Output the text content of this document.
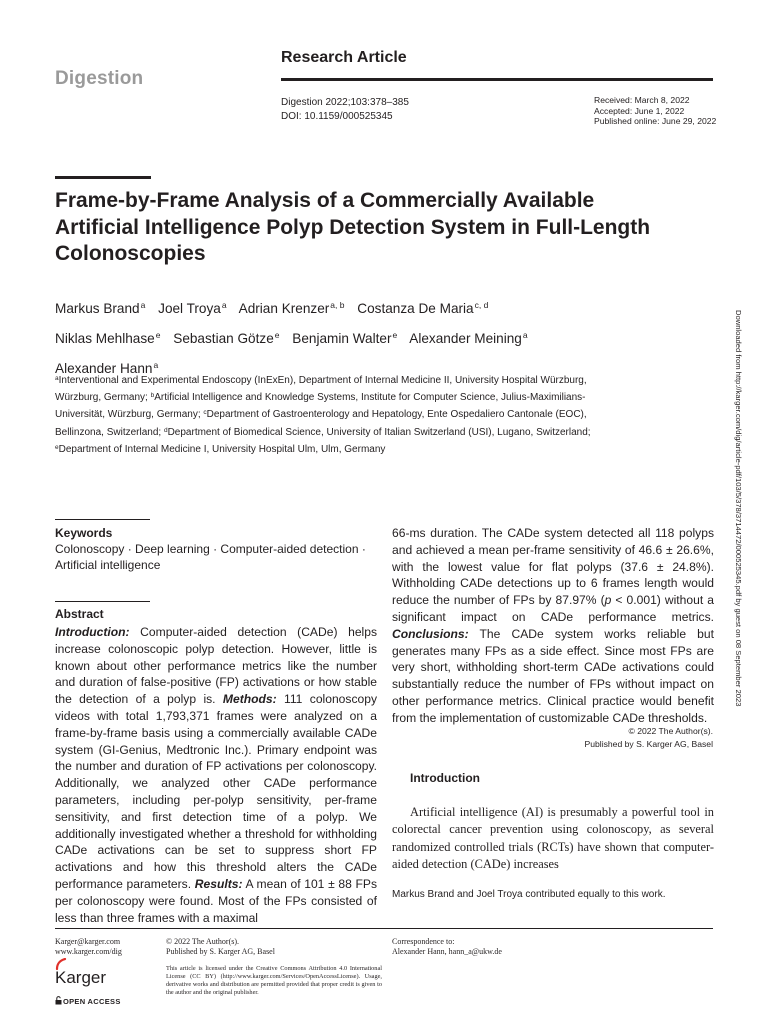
Digestion
Research Article
Digestion 2022;103:378–385
DOI: 10.1159/000525345
Received: March 8, 2022
Accepted: June 1, 2022
Published online: June 29, 2022
Frame-by-Frame Analysis of a Commercially Available Artificial Intelligence Polyp Detection System in Full-Length Colonoscopies
Markus Brand$^a$ Joel Troya$^a$ Adrian Krenzer$^{a, b}$ Costanza De Maria$^{c, d}$
Niklas Mehlhase$^e$ Sebastian Götze$^e$ Benjamin Walter$^e$ Alexander Meining$^a$
Alexander Hann$^a$
$^a$Interventional and Experimental Endoscopy (InExEn), Department of Internal Medicine II, University Hospital Würzburg, Würzburg, Germany; $^b$Artificial Intelligence and Knowledge Systems, Institute for Computer Science, Julius-Maximilians-Universität, Würzburg, Germany; $^c$Department of Gastroenterology and Hepatology, Ente Ospedaliero Cantonale (EOC), Bellinzona, Switzerland; $^d$Department of Biomedical Science, University of Italian Switzerland (USI), Lugano, Switzerland; $^e$Department of Internal Medicine I, University Hospital Ulm, Ulm, Germany	Downloaded from http://karger.com/dig/article-pdf/103/5/378/3714472/000525345.pdf by guest on 08 September 2023
Keywords
Colonoscopy · Deep learning · Computer-aided detection · Artificial intelligence
Abstract
Introduction: Computer-aided detection (CADe) helps increase colonoscopic polyp detection. However, little is known about other performance metrics like the number and duration of false-positive (FP) activations or how stable the detection of a polyp is. Methods: 111 colonoscopy videos with total 1,793,371 frames were analyzed on a frame-by-frame basis using a commercially available CADe system (GI-Genius, Medtronic Inc.). Primary endpoint was the number and duration of FP activations per colonoscopy. Additionally, we analyzed other CADe performance parameters, including per-polyp sensitivity, per-frame sensitivity, and first detection time of a polyp. We additionally investigated whether a threshold for withholding CADe activations can be set to suppress short FP activations and how this threshold alters the CADe performance parameters. Results: A mean of 101 ± 88 FPs per colonoscopy were found. Most of the FPs consisted of less than three frames with a maximal
66-ms duration. The CADe system detected all 118 polyps and achieved a mean per-frame sensitivity of 46.6 ± 26.6%, with the lowest value for flat polyps (37.6 ± 24.8%). Withholding CADe detections up to 6 frames length would reduce the number of FPs by 87.97% (p < 0.001) without a significant impact on CADe performance metrics. Conclusions: The CADe system works reliable but generates many FPs as a side effect. Since most FPs are very short, withholding short-term CADe activations could substantially reduce the number of FPs without impact on other performance metrics. Clinical practice would benefit from the implementation of customizable CADe thresholds.
© 2022 The Author(s).
Published by S. Karger AG, Basel
Introduction
Artificial intelligence (AI) is presumably a powerful tool in colorectal cancer prevention using colonoscopy, as several randomized controlled trials (RCTs) have shown that computer-aided detection (CADe) increases
Markus Brand and Joel Troya contributed equally to this work.
Karger@karger.com
www.karger.com/dig
© 2022 The Author(s).
Published by S. Karger AG, Basel
This article is licensed under the Creative Commons Attribution 4.0 International License (CC BY) (http://www.karger.com/Services/OpenAccessLicense). Usage, derivative works and distribution are permitted provided that proper credit is given to the author and the original publisher.
Correspondence to:
Alexander Hann, hann_a@ukw.de
Karger
OPEN ACCESS
